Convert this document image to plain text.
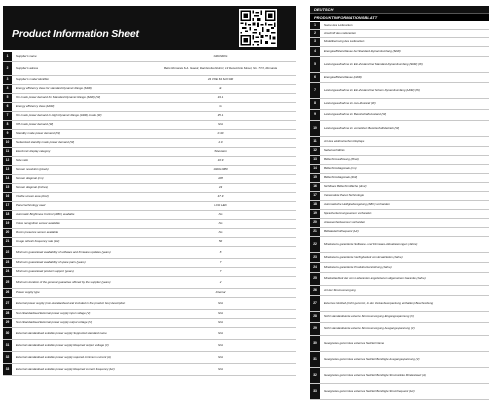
Product Information Sheet
1	Supplier's name	GRUNDIG
2	Supplier's adress	Beko Romania S.A. Gaesti, Dambovita District, 13 Decembrie Street, No. 77/J, Romania
3	Supplier's model identifier	43 VOE 64 SAY100
4	Energy efficiency class for standard Dynamic Range (SDR)	E
5	On mode power demand for Standard Dynamic Range (SDR) (W)	34.1
6	Energy efficiency class (HDR)	G
7	On mode power demand in High Dynamic Range (HDR) mode (W)	35.1
8	Off mode power demand (W)	N/A
9	Standby mode power demand (W)	0.30
10	Networked standby mode power demand (W)	2.0
11	Electronic display category	Television
12	Size ratio	16:9
13	Screen resolution (pixels)	1920x1080
14	Screen diagonal (cm)	108
15	Screen diagonal (inches)	43
16	Visible screen area (dm2)	47.9
17	Panel technology used	LCD LED
18	Automatic Brightness Control (ABC) available	No
19	Voice recognition sensor available	No
20	Room presence sensor available	No
21	Image refresh frequency rate (Hz)	50
22	Minimum guaranteed availability of software and firmware updates (years)	8
23	Minimum guaranteed availability of spare parts (years)	7
24	Minimum guaranteed product support (years)	7
25	Minimum duration of the general guarantee offered by the supplier (years)	2
26	Power supply type	Internal
27	External power supply (non-standardised and included in the product box) description	N/A
28	Non-Standardised External power supply input voltage (V)	N/A
29	Non-Standardised External power supply output voltage (V)	N/A
30	External standardised suitable power supply Supported standard name	N/A
31	External standardised suitable power supply Required output voltage (V)	N/A
32	External standardised suitable power supply required minimum current (A)	N/A
33	External standardised suitable power supply Required current frequency (Hz)	N/A
DEUTSCH
PRODUKTINFORMATIONSBLATT
1	Name des Lieferanten
2	Anschrift des Lieferanten
3	Modellkennung des Lieferanten
4	Energieeffizienzklasse bei Standard-Dynamikumfang (SDR)
5	Leistungsaufnahme im Ein-Zustand bei Standard-Dynamikumfang (SDR) (W)
6	Energieeffizienzklasse (HDR)
7	Leistungsaufnahme im Ein-Zustand bei hohem Dynamikumfang (HDR) (W)
8	Leistungsaufnahme im Aus-Zustand (W)
9	Leistungsaufnahme im Bereitschaftszustand (W)
10	Leistungsaufnahme im vernetzten Bereitschaftsbetrieb (W)
11	Art des elektronischen Displays
12	Seitenverhältnis
13	Bildschirmauflösung (Pixel)
14	Bildschirmdiagonale (cm)
15	Bildschirmdiagonale (Zoll)
16	Sichtbare Bildschirmfläche (dm2)
17	Verwendete Panel-Technologie
18	Automatische Helligkeitsregelung (ABC) vorhanden
19	Spracherkennungssensor vorhanden
20	Anwesenheitssensor vorhanden
21	Bildwiederholfrequenz (Hz)
22	Mindestens garantierte Software- und Firmware-Aktualisierungen (Jahre)
23	Mindestens garantierte Verfügbarkeit von Ersatzteilen (Jahre)
24	Mindestens garantierte Produktunterstützung (Jahre)
25	Mindestlaufzeit der vom Lieferanten angebotenen allgemeinen Garantie (Jahre)
26	Art der Stromversorgung
27	Externes Netzteil (nicht genormt, in der Verkaufsverpackung enthalten) Beschreibung
28	Nicht standardisierte externe Stromversorgung Eingangsspannung (V)
29	Nicht standardisierte externe Stromversorgung Ausgangsspannung (V)
30	Geeignetes genormtes externes Netzteil Name
31	Geeignetes genormtes externes Netzteil Benötigte Ausgangsspannung (V)
32	Geeignetes genormtes externes Netzteil Benötigte Stromstärke Mindestwert (A)
33	Geeignetes genormtes externes Netzteil Benötigte Stromfrequenz (Hz)
